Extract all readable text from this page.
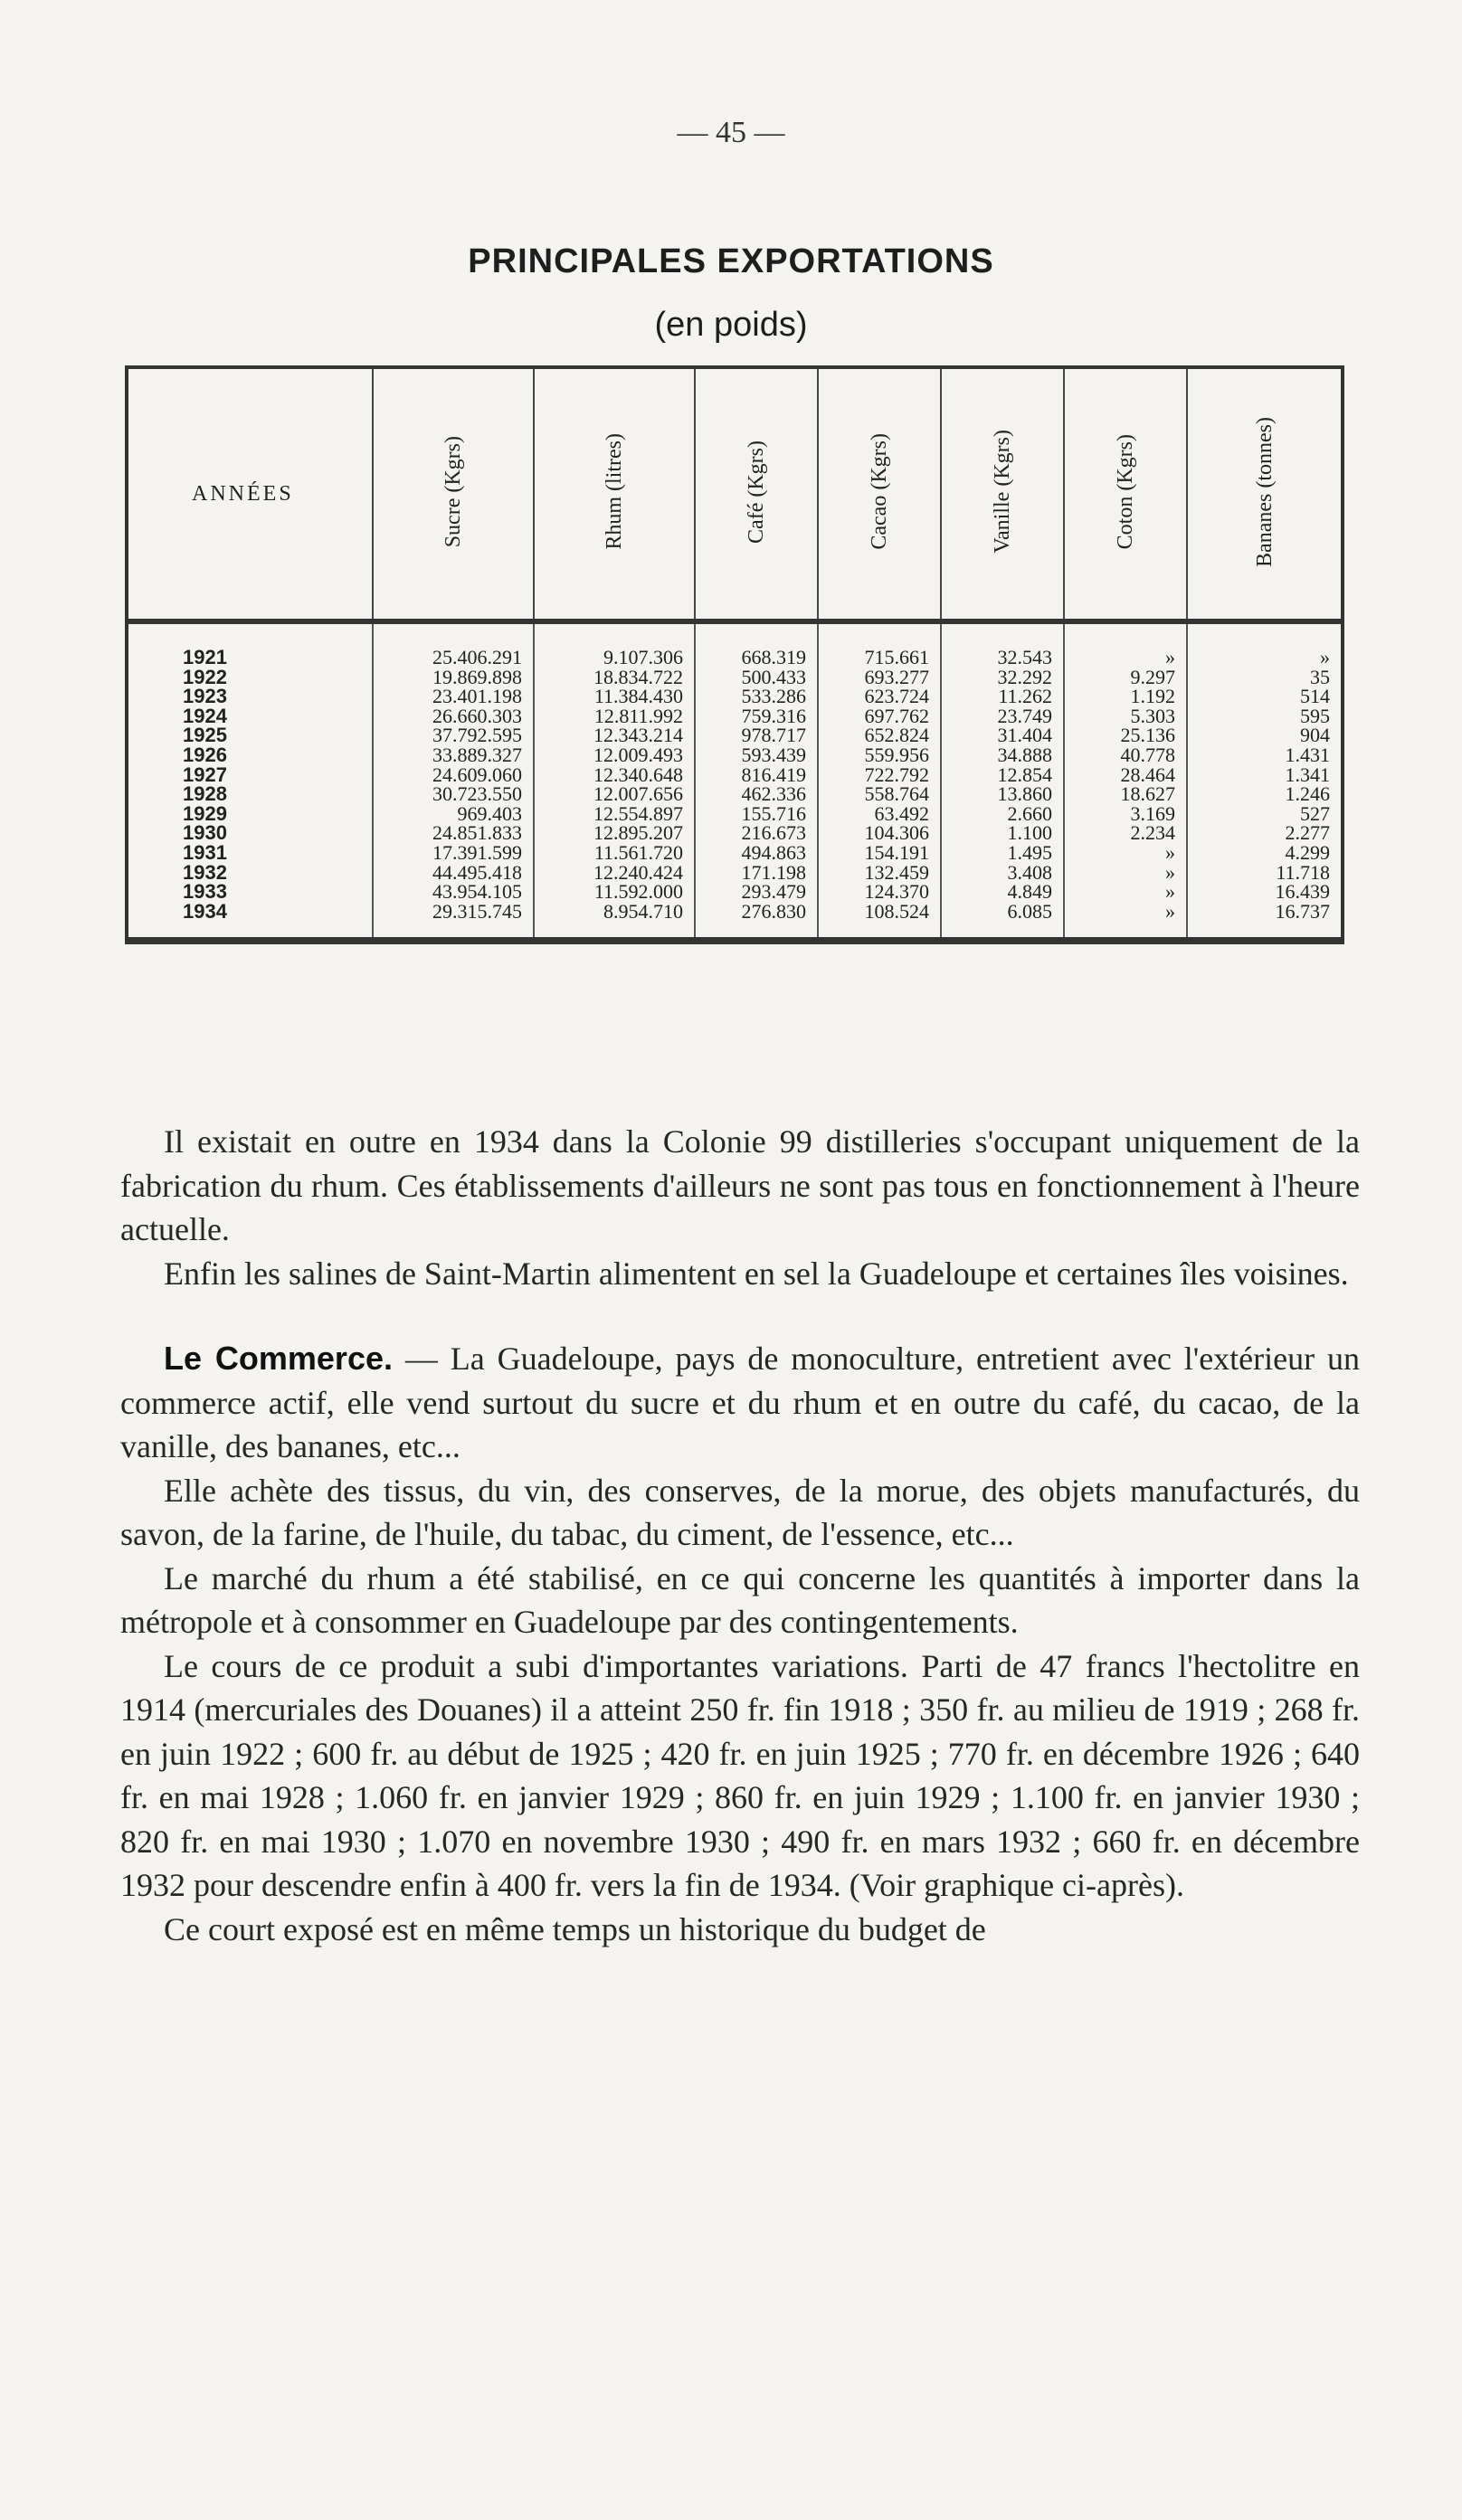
— 45 —
PRINCIPALES EXPORTATIONS
(en poids)
ANNÉES	Sucre (Kgrs)	Rhum (litres)	Café (Kgrs)	Cacao (Kgrs)	Vanille (Kgrs)	Coton (Kgrs)	Bananes (tonnes)
1921	25.406.291	9.107.306	668.319	715.661	32.543	»	»
1922	19.869.898	18.834.722	500.433	693.277	32.292	9.297	35
1923	23.401.198	11.384.430	533.286	623.724	11.262	1.192	514
1924	26.660.303	12.811.992	759.316	697.762	23.749	5.303	595
1925	37.792.595	12.343.214	978.717	652.824	31.404	25.136	904
1926	33.889.327	12.009.493	593.439	559.956	34.888	40.778	1.431
1927	24.609.060	12.340.648	816.419	722.792	12.854	28.464	1.341
1928	30.723.550	12.007.656	462.336	558.764	13.860	18.627	1.246
1929	969.403	12.554.897	155.716	63.492	2.660	3.169	527
1930	24.851.833	12.895.207	216.673	104.306	1.100	2.234	2.277
1931	17.391.599	11.561.720	494.863	154.191	1.495	»	4.299
1932	44.495.418	12.240.424	171.198	132.459	3.408	»	11.718
1933	43.954.105	11.592.000	293.479	124.370	4.849	»	16.439
1934	29.315.745	8.954.710	276.830	108.524	6.085	»	16.737

Il existait en outre en 1934 dans la Colonie 99 distilleries s'occupant uniquement de la fabrication du rhum. Ces établissements d'ailleurs ne sont pas tous en fonctionnement à l'heure actuelle.

Enfin les salines de Saint-Martin alimentent en sel la Guadeloupe et certaines îles voisines.

Le Commerce. — La Guadeloupe, pays de monoculture, entretient avec l'extérieur un commerce actif, elle vend surtout du sucre et du rhum et en outre du café, du cacao, de la vanille, des bananes, etc...

Elle achète des tissus, du vin, des conserves, de la morue, des objets manufacturés, du savon, de la farine, de l'huile, du tabac, du ciment, de l'essence, etc...

Le marché du rhum a été stabilisé, en ce qui concerne les quantités à importer dans la métropole et à consommer en Guadeloupe par des contingentements.

Le cours de ce produit a subi d'importantes variations. Parti de 47 francs l'hectolitre en 1914 (mercuriales des Douanes) il a atteint 250 fr. fin 1918 ; 350 fr. au milieu de 1919 ; 268 fr. en juin 1922 ; 600 fr. au début de 1925 ; 420 fr. en juin 1925 ; 770 fr. en décembre 1926 ; 640 fr. en mai 1928 ; 1.060 fr. en janvier 1929 ; 860 fr. en juin 1929 ; 1.100 fr. en janvier 1930 ; 820 fr. en mai 1930 ; 1.070 en novembre 1930 ; 490 fr. en mars 1932 ; 660 fr. en décembre 1932 pour descendre enfin à 400 fr. vers la fin de 1934. (Voir graphique ci-après).

Ce court exposé est en même temps un historique du budget de
